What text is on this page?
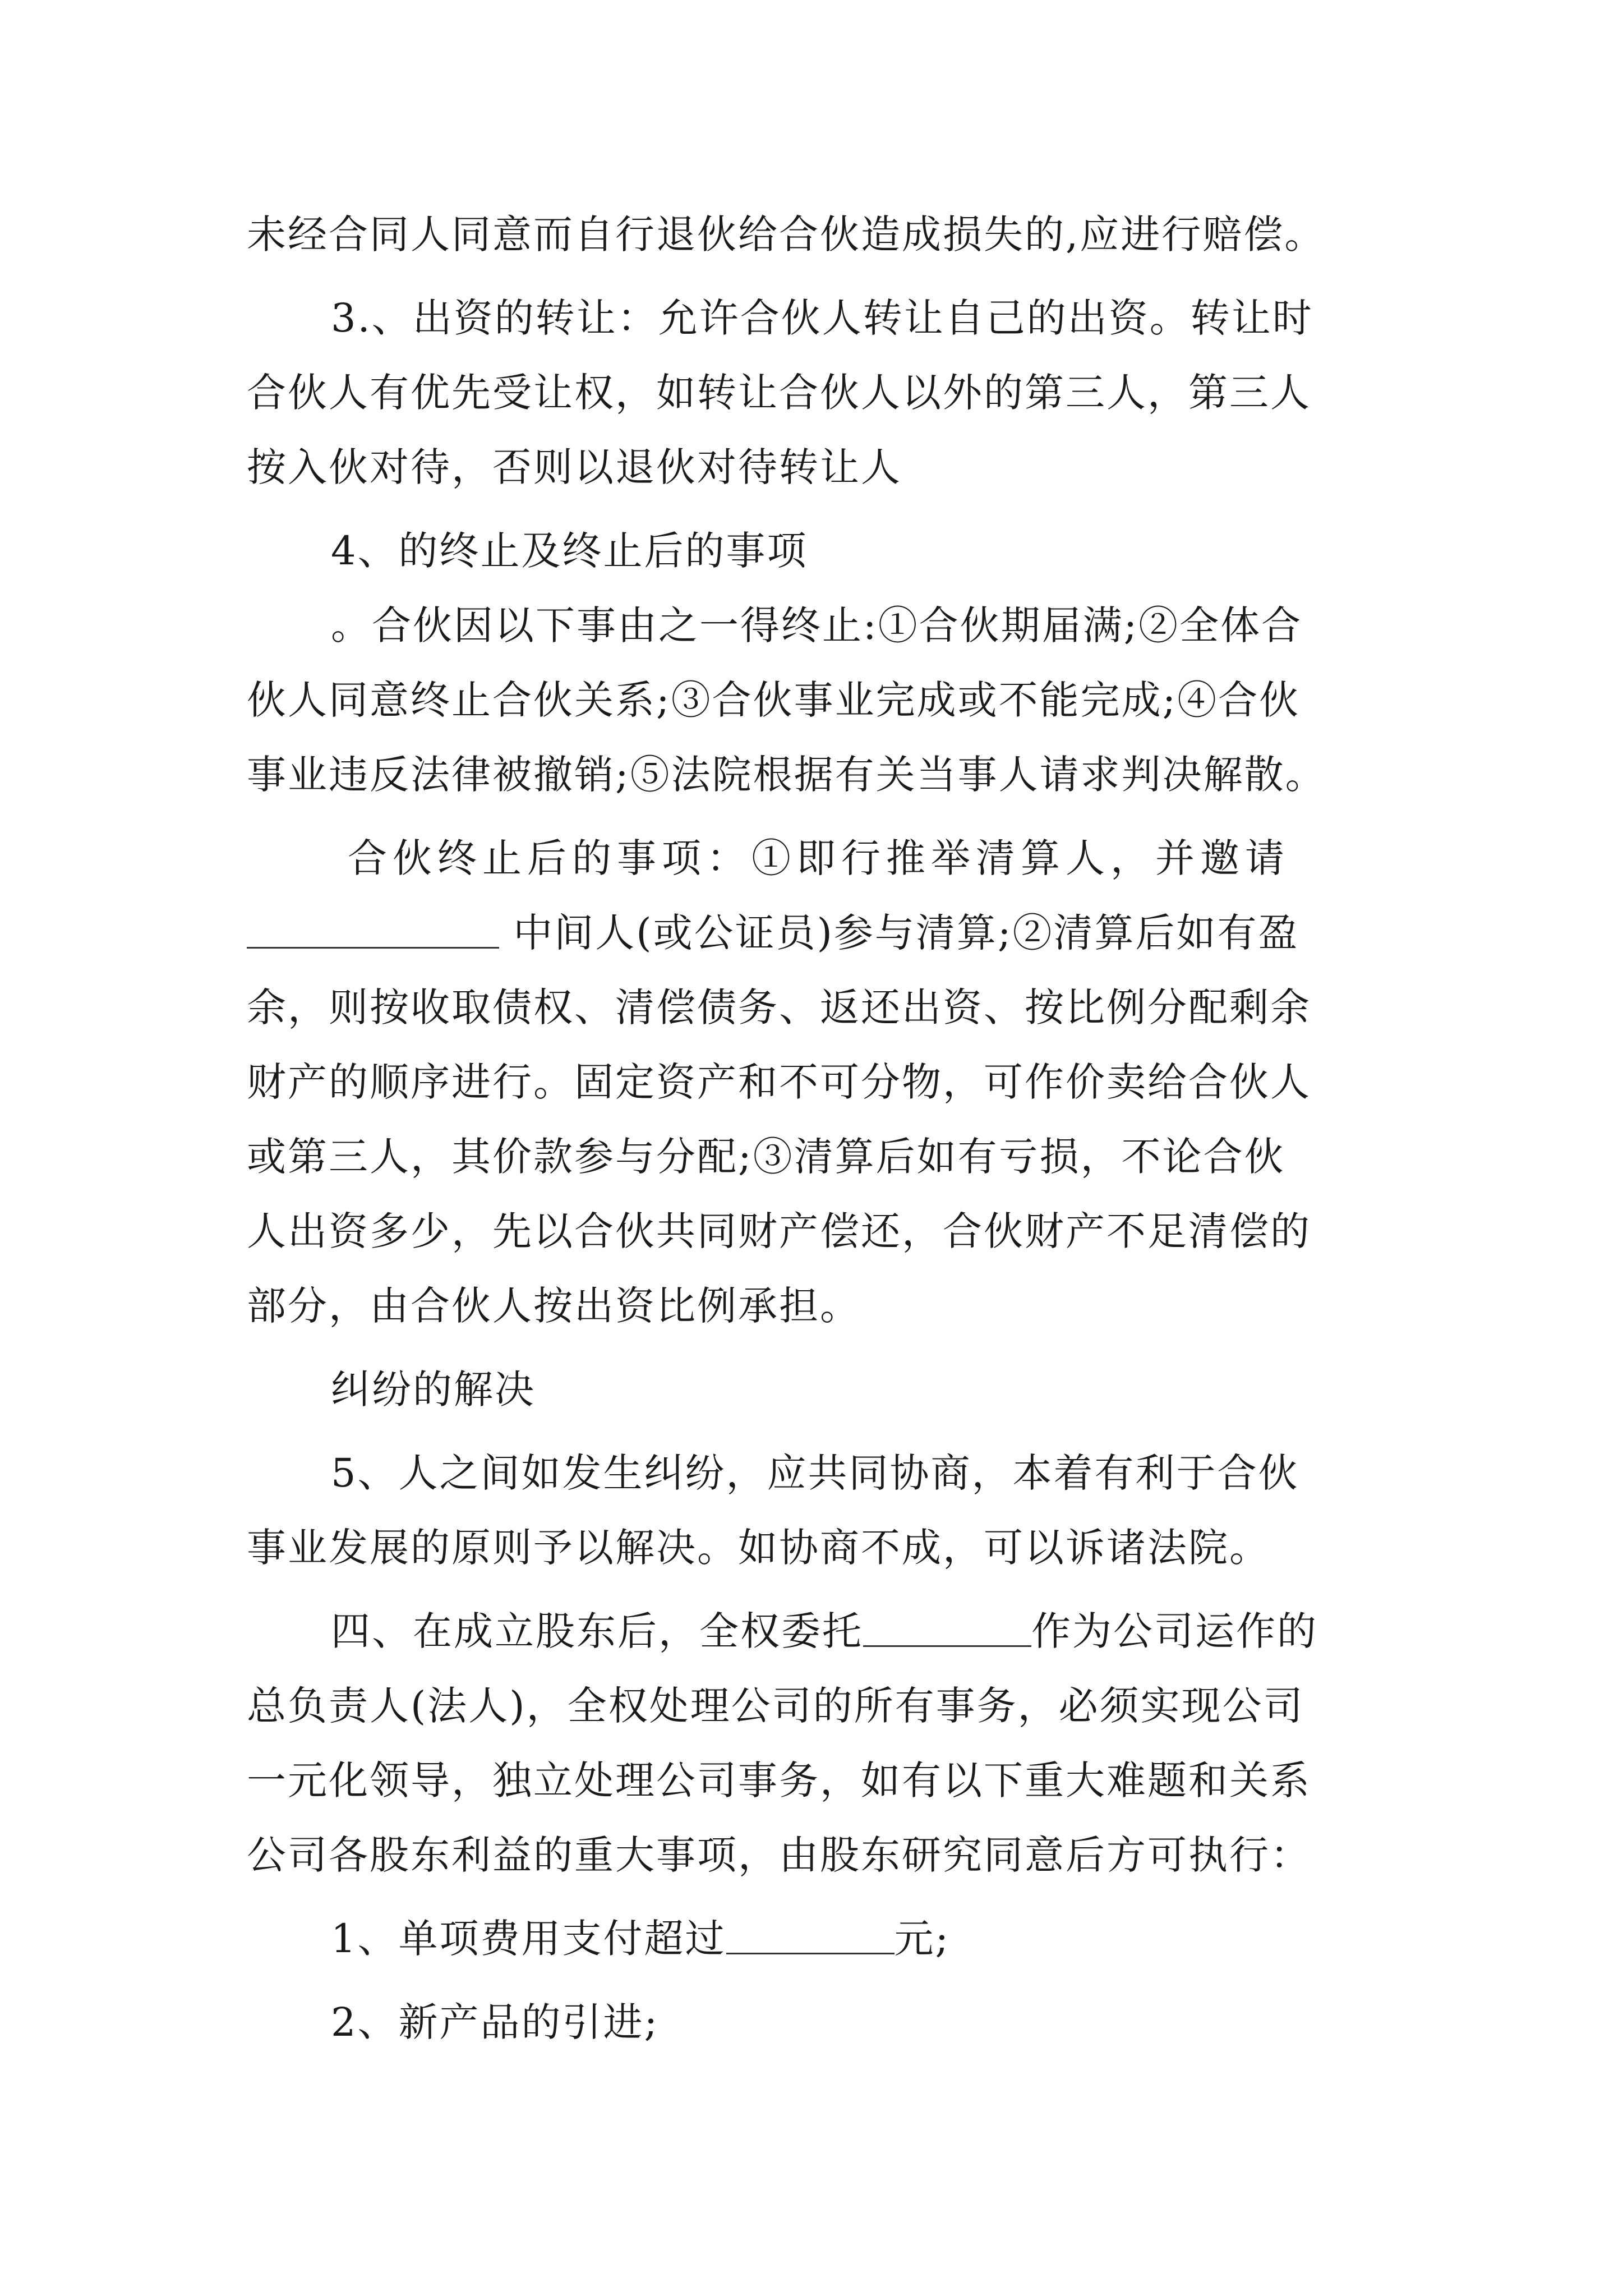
未经合同人同意而自行退伙给合伙造成损失的,应进行赔偿。
3.、出资的转让：允许合伙人转让自己的出资。转让时
合伙人有优先受让权，如转让合伙人以外的第三人，第三人
按入伙对待，否则以退伙对待转让人
4、的终止及终止后的事项
。合伙因以下事由之一得终止:①合伙期届满;②全体合
伙人同意终止合伙关系;③合伙事业完成或不能完成;④合伙
事业违反法律被撤销;⑤法院根据有关当事人请求判决解散。
合伙终止后的事项：①即行推举清算人，并邀请
中间人(或公证员)参与清算;②清算后如有盈
余，则按收取债权、清偿债务、返还出资、按比例分配剩余
财产的顺序进行。固定资产和不可分物，可作价卖给合伙人
或第三人，其价款参与分配;③清算后如有亏损，不论合伙
人出资多少，先以合伙共同财产偿还，合伙财产不足清偿的
部分，由合伙人按出资比例承担。
纠纷的解决
5、人之间如发生纠纷，应共同协商，本着有利于合伙
事业发展的原则予以解决。如协商不成，可以诉诸法院。
四、在成立股东后，全权委托	作为公司运作的
总负责人(法人)，全权处理公司的所有事务，必须实现公司
一元化领导，独立处理公司事务，如有以下重大难题和关系
公司各股东利益的重大事项，由股东研究同意后方可执行：
1、单项费用支付超过	元;
2、新产品的引进;
